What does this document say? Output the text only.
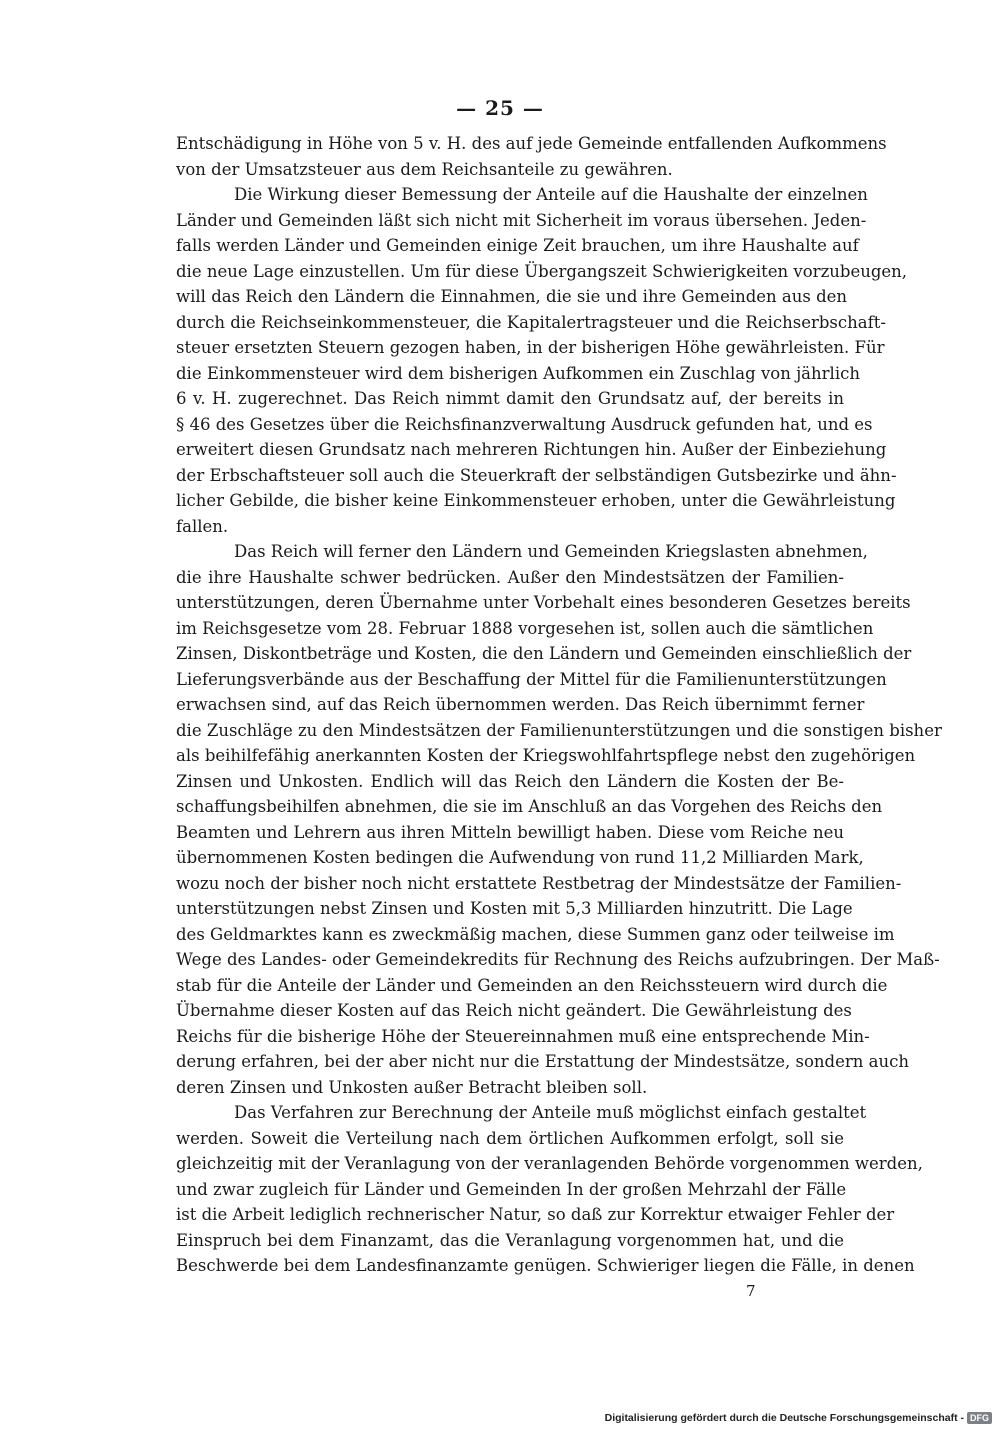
— 25 —
Entschädigung in Höhe von 5 v. H. des auf jede Gemeinde entfallenden Aufkommens
von der Umsatzsteuer aus dem Reichsanteile zu gewähren.
Die Wirkung dieser Bemessung der Anteile auf die Haushalte der einzelnen
Länder und Gemeinden läßt sich nicht mit Sicherheit im voraus übersehen. Jeden-
falls werden Länder und Gemeinden einige Zeit brauchen, um ihre Haushalte auf
die neue Lage einzustellen. Um für diese Übergangszeit Schwierigkeiten vorzubeugen,
will das Reich den Ländern die Einnahmen, die sie und ihre Gemeinden aus den
durch die Reichseinkommensteuer, die Kapitalertragsteuer und die Reichserbschaft-
steuer ersetzten Steuern gezogen haben, in der bisherigen Höhe gewährleisten. Für
die Einkommensteuer wird dem bisherigen Aufkommen ein Zuschlag von jährlich
6 v. H. zugerechnet. Das Reich nimmt damit den Grundsatz auf, der bereits in
§ 46 des Gesetzes über die Reichsfinanzverwaltung Ausdruck gefunden hat, und es
erweitert diesen Grundsatz nach mehreren Richtungen hin. Außer der Einbeziehung
der Erbschaftsteuer soll auch die Steuerkraft der selbständigen Gutsbezirke und ähn-
licher Gebilde, die bisher keine Einkommensteuer erhoben, unter die Gewährleistung
fallen.
Das Reich will ferner den Ländern und Gemeinden Kriegslasten abnehmen,
die ihre Haushalte schwer bedrücken. Außer den Mindestsätzen der Familien-
unterstützungen, deren Übernahme unter Vorbehalt eines besonderen Gesetzes bereits
im Reichsgesetze vom 28. Februar 1888 vorgesehen ist, sollen auch die sämtlichen
Zinsen, Diskontbeträge und Kosten, die den Ländern und Gemeinden einschließlich der
Lieferungsverbände aus der Beschaffung der Mittel für die Familienunterstützungen
erwachsen sind, auf das Reich übernommen werden. Das Reich übernimmt ferner
die Zuschläge zu den Mindestsätzen der Familienunterstützungen und die sonstigen bisher
als beihilfefähig anerkannten Kosten der Kriegswohlfahrtspflege nebst den zugehörigen
Zinsen und Unkosten. Endlich will das Reich den Ländern die Kosten der Be-
schaffungsbeihilfen abnehmen, die sie im Anschluß an das Vorgehen des Reichs den
Beamten und Lehrern aus ihren Mitteln bewilligt haben. Diese vom Reiche neu
übernommenen Kosten bedingen die Aufwendung von rund 11,2 Milliarden Mark,
wozu noch der bisher noch nicht erstattete Restbetrag der Mindestsätze der Familien-
unterstützungen nebst Zinsen und Kosten mit 5,3 Milliarden hinzutritt. Die Lage
des Geldmarktes kann es zweckmäßig machen, diese Summen ganz oder teilweise im
Wege des Landes- oder Gemeindekredits für Rechnung des Reichs aufzubringen. Der Maß-
stab für die Anteile der Länder und Gemeinden an den Reichssteuern wird durch die
Übernahme dieser Kosten auf das Reich nicht geändert. Die Gewährleistung des
Reichs für die bisherige Höhe der Steuereinnahmen muß eine entsprechende Min-
derung erfahren, bei der aber nicht nur die Erstattung der Mindestsätze, sondern auch
deren Zinsen und Unkosten außer Betracht bleiben soll.
Das Verfahren zur Berechnung der Anteile muß möglichst einfach gestaltet
werden. Soweit die Verteilung nach dem örtlichen Aufkommen erfolgt, soll sie
gleichzeitig mit der Veranlagung von der veranlagenden Behörde vorgenommen werden,
und zwar zugleich für Länder und Gemeinden In der großen Mehrzahl der Fälle
ist die Arbeit lediglich rechnerischer Natur, so daß zur Korrektur etwaiger Fehler der
Einspruch bei dem Finanzamt, das die Veranlagung vorgenommen hat, und die
Beschwerde bei dem Landesfinanzamte genügen. Schwieriger liegen die Fälle, in denen
7
Digitalisierung gefördert durch die Deutsche Forschungsgemeinschaft - DFG
